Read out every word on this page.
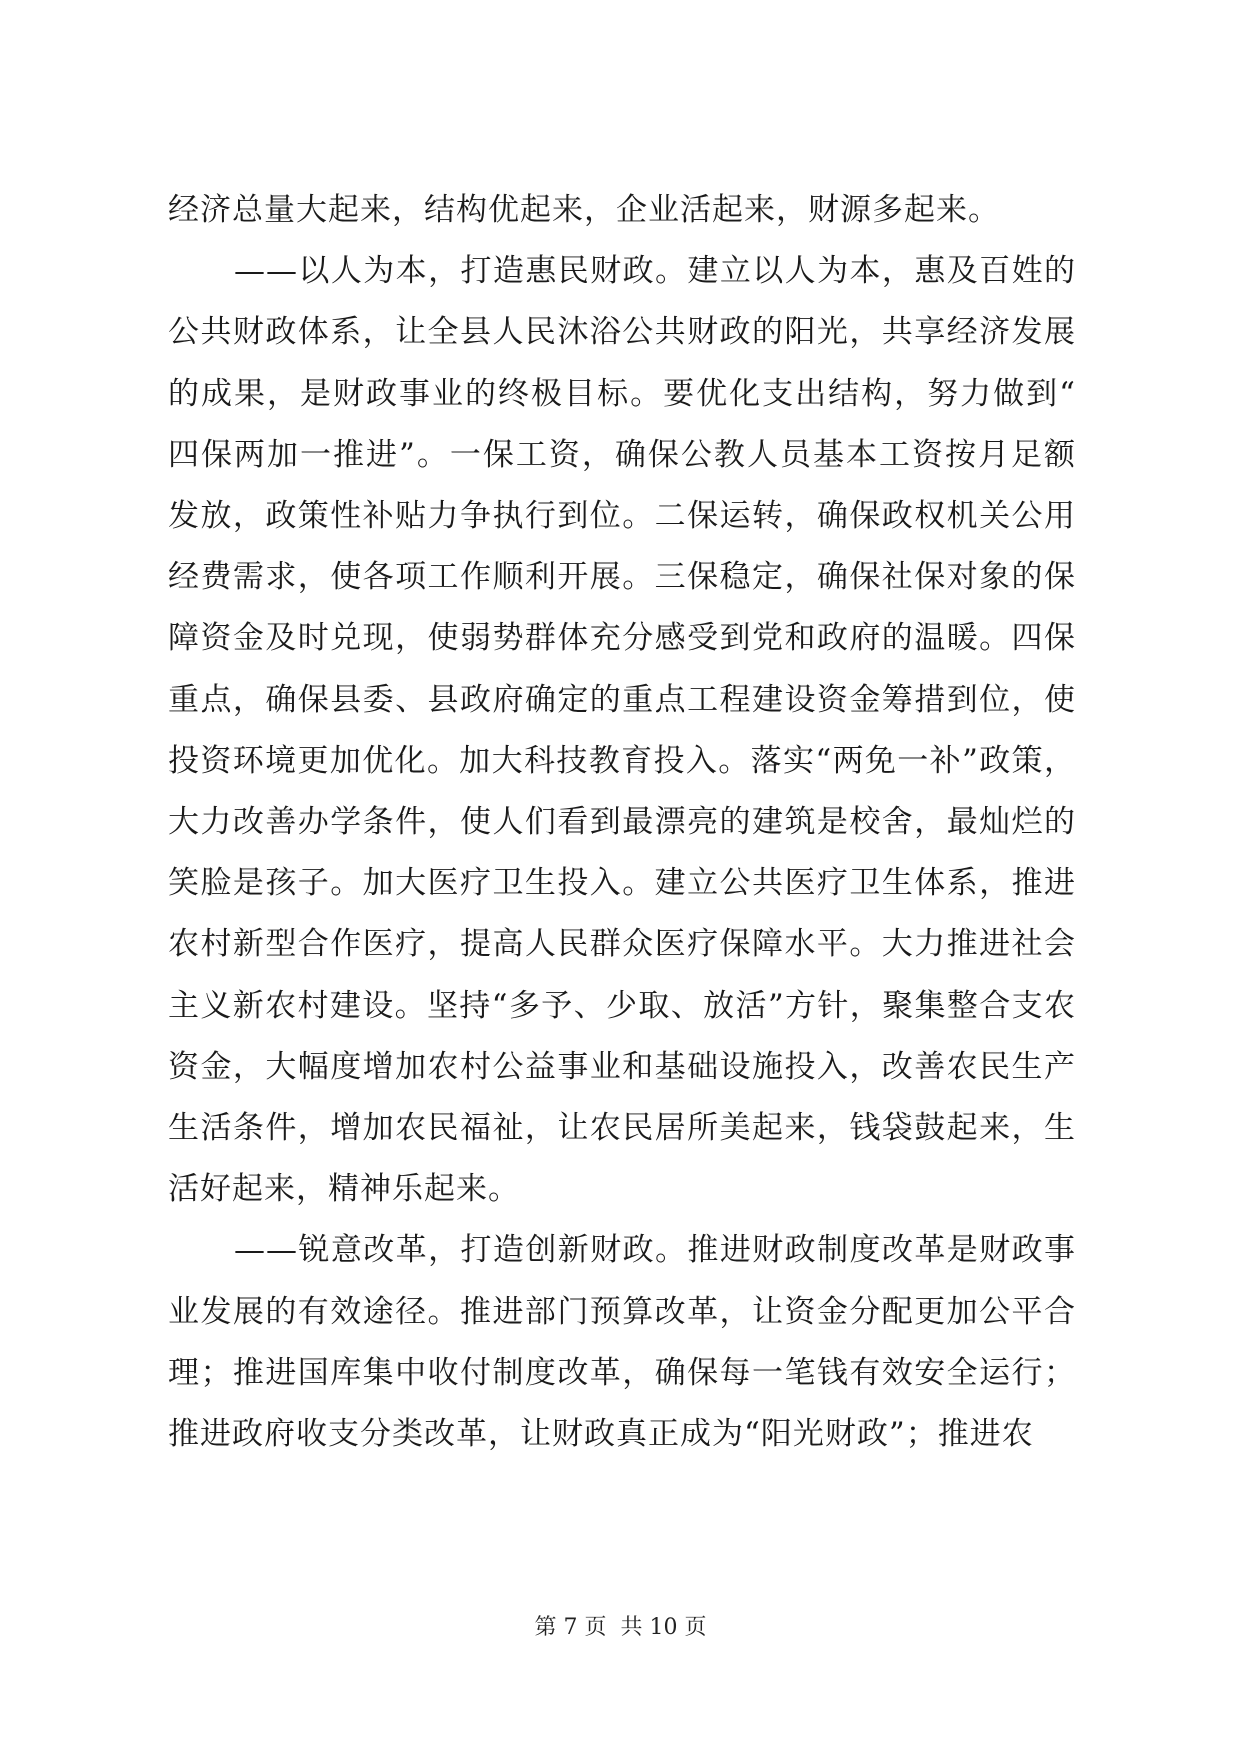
经济总量大起来，结构优起来，企业活起来，财源多起来。

——以人为本，打造惠民财政。建立以人为本，惠及百姓的公共财政体系，让全县人民沐浴公共财政的阳光，共享经济发展的成果，是财政事业的终极目标。要优化支出结构，努力做到“四保两加一推进”。一保工资，确保公教人员基本工资按月足额发放，政策性补贴力争执行到位。二保运转，确保政权机关公用经费需求，使各项工作顺利开展。三保稳定，确保社保对象的保障资金及时兑现，使弱势群体充分感受到党和政府的温暖。四保重点，确保县委、县政府确定的重点工程建设资金筹措到位，使投资环境更加优化。加大科技教育投入。落实“两免一补”政策，大力改善办学条件，使人们看到最漂亮的建筑是校舍，最灿烂的笑脸是孩子。加大医疗卫生投入。建立公共医疗卫生体系，推进农村新型合作医疗，提高人民群众医疗保障水平。大力推进社会主义新农村建设。坚持“多予、少取、放活”方针，聚集整合支农资金，大幅度增加农村公益事业和基础设施投入，改善农民生产生活条件，增加农民福祉，让农民居所美起来，钱袋鼓起来，生活好起来，精神乐起来。

——锐意改革，打造创新财政。推进财政制度改革是财政事业发展的有效途径。推进部门预算改革，让资金分配更加公平合理；推进国库集中收付制度改革，确保每一笔钱有效安全运行；推进政府收支分类改革，让财政真正成为“阳光财政”；推进农

第 7 页  共 10 页
